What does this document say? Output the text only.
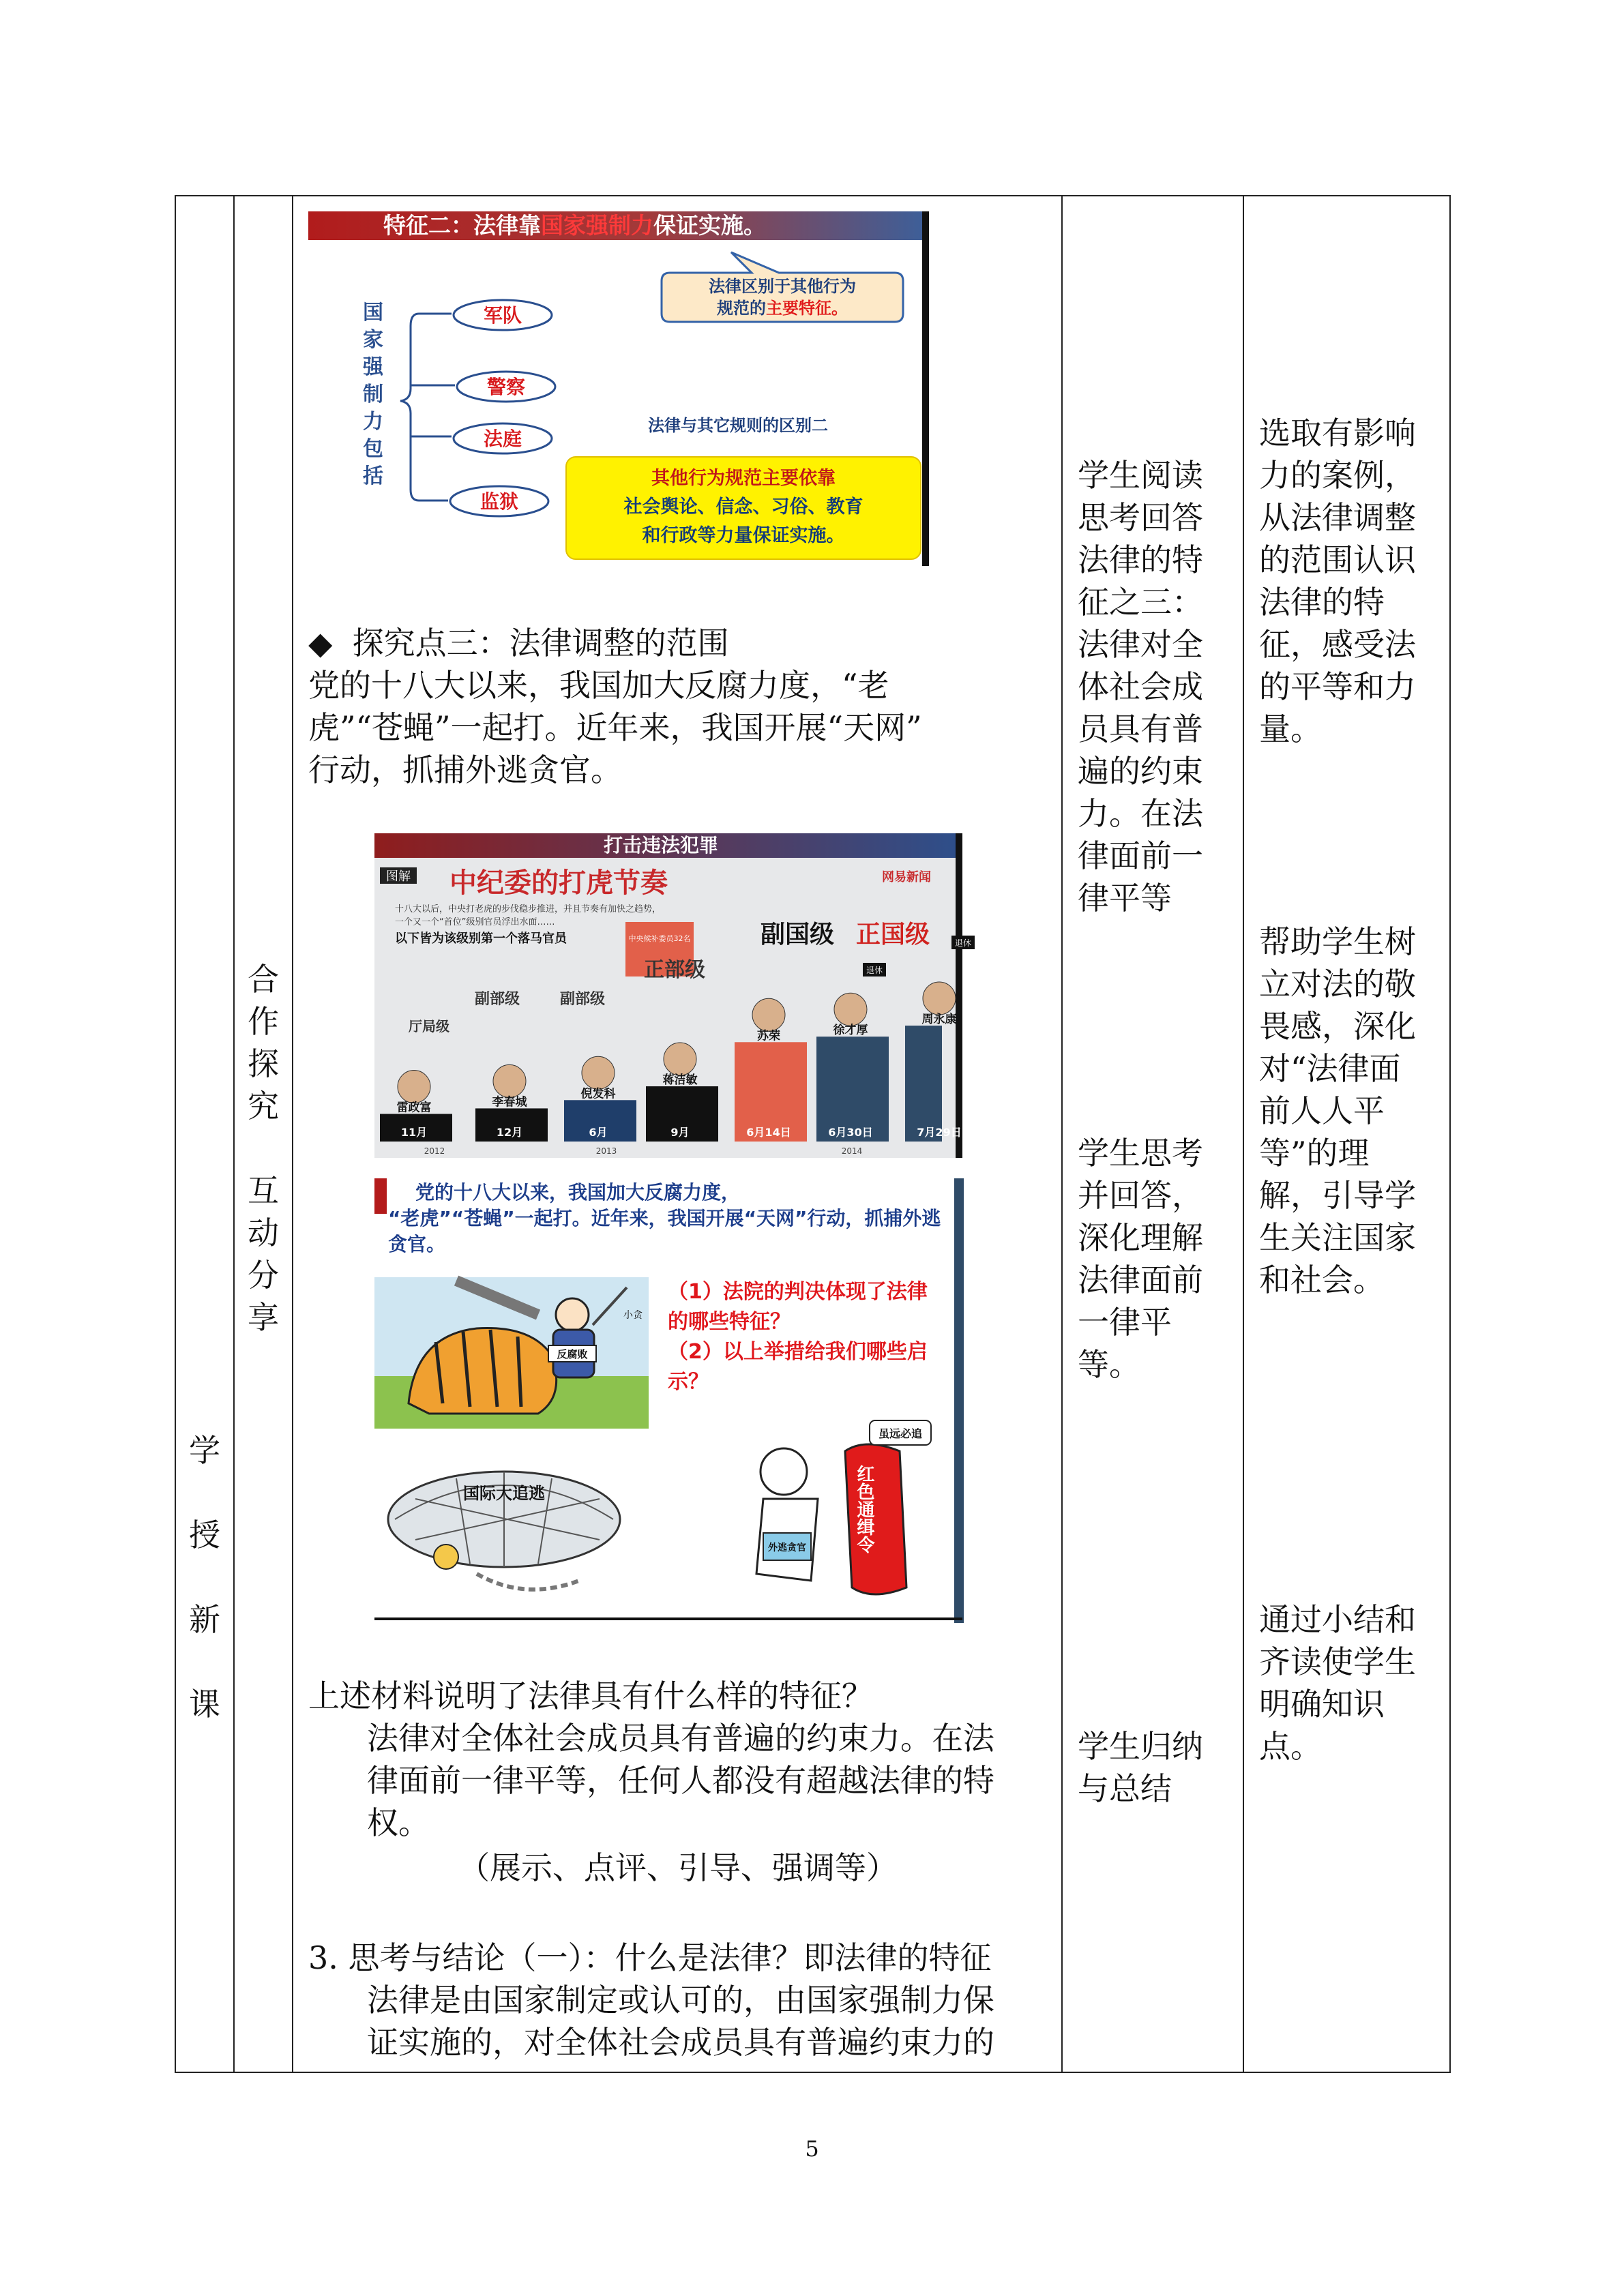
学
授
新
课

合
作
探
究
互
动
分
享

特征二：法律靠国家强制力保证实施。
法律区别于其他行为
规范的主要特征。
国
家
强
制
力
包
括
军队
警察
法庭
监狱
法律与其它规则的区别二
其他行为规范主要依靠
社会舆论、信念、习俗、教育
和行政等力量保证实施。
◆ 探究点三：法律调整的范围
党的十八大以来，我国加大反腐力度，“老
虎”“苍蝇”一起打。近年来，我国开展“天网”
行动，抓捕外逃贪官。
打击违法犯罪
图解 中纪委的打虎节奏	网易新闻
十八大以后，中央打老虎的步伐稳步推进，并且节奏有加快之趋势，
一个又一个“首位”级别官员浮出水面……
以下皆为该级别第一个落马官员	中央候补委员32名
雷政富
11月
李春城
12月
倪发科
6月
蒋洁敏
9月
苏荣
6月14日
徐才厚
6月30日
周永康
7月29日
厅局级
副部级	副部级
正部级
副国级 正国级
2012	2013	2014
退休
退休
党的十八大以来，我国加大反腐力度，
“老虎”“苍蝇”一起打。近年来，我国开展“天网”行动，抓捕外逃贪官。
反腐败
小贪
（1）法院的判决体现了法律的哪些特征？
（2）以上举措给我们哪些启示？
国际大追逃
外逃贪官	红色通缉令
虽远必追
上述材料说明了法律具有什么样的特征？
法律对全体社会成员具有普遍的约束力。在法
律面前一律平等，任何人都没有超越法律的特
权。
（展示、点评、引导、强调等）
3. 思考与结论（一）：什么是法律？即法律的特征
法律是由国家制定或认可的，由国家强制力保
证实施的，对全体社会成员具有普遍约束力的

学生阅读
思考回答
法律的特
征之三：
法律对全
体社会成
员具有普
遍的约束
力。在法
律面前一
律平等
学生思考
并回答，
深化理解
法律面前
一律平
等。
学生归纳
与总结

选取有影响
力的案例，
从法律调整
的范围认识
法律的特
征，感受法
的平等和力
量。
帮助学生树
立对法的敬
畏感，深化
对“法律面
前人人平
等”的理
解，引导学
生关注国家
和社会。
通过小结和
齐读使学生
明确知识
点。
5
